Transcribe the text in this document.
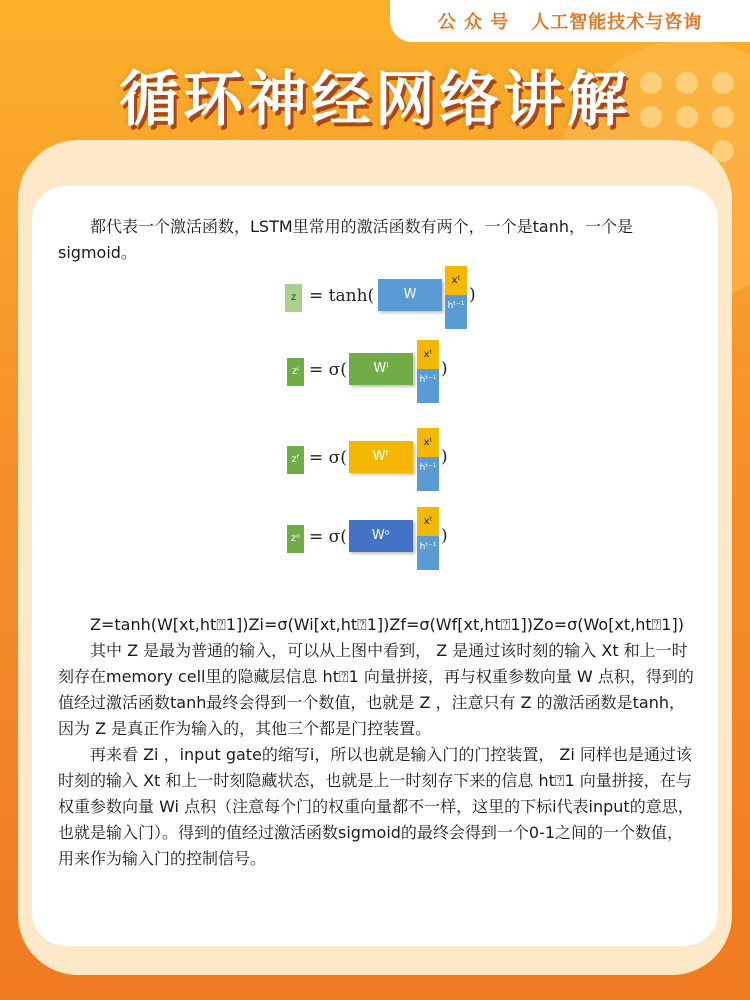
公 众 号 人工智能技术与咨询
循环神经网络讲解

都代表一个激活函数，LSTM里常用的激活函数有两个，一个是tanh，一个是sigmoid。

z = tanh(	W
xᵗ
hᵗ⁻¹
)
zⁱ = σ(	Wⁱ
xᵗ
hᵗ⁻¹
)
zᶠ = σ(	Wᶠ
xᵗ
hᵗ⁻¹
)
zᵒ = σ(	Wᵒ
xᵗ
hᵗ⁻¹
)
Z=tanh(W[xt,ht⍰1])Zi=σ(Wi[xt,ht⍰1])Zf=σ(Wf[xt,ht⍰1])Zo=σ(Wo[xt,ht⍰1])
其中 Z 是最为普通的输入，可以从上图中看到， Z 是通过该时刻的输入 Xt 和上一时刻存在memory cell里的隐藏层信息 ht⍰1 向量拼接，再与权重参数向量 W 点积，得到的值经过激活函数tanh最终会得到一个数值，也就是 Z ，注意只有 Z 的激活函数是tanh，因为 Z 是真正作为输入的，其他三个都是门控装置。
再来看 Zi ，input gate的缩写i，所以也就是输入门的门控装置， Zi 同样也是通过该时刻的输入 Xt 和上一时刻隐藏状态，也就是上一时刻存下来的信息 ht⍰1 向量拼接，在与权重参数向量 Wi 点积（注意每个门的权重向量都不一样，这里的下标i代表input的意思，也就是输入门）。得到的值经过激活函数sigmoid的最终会得到一个0-1之间的一个数值，用来作为输入门的控制信号。
